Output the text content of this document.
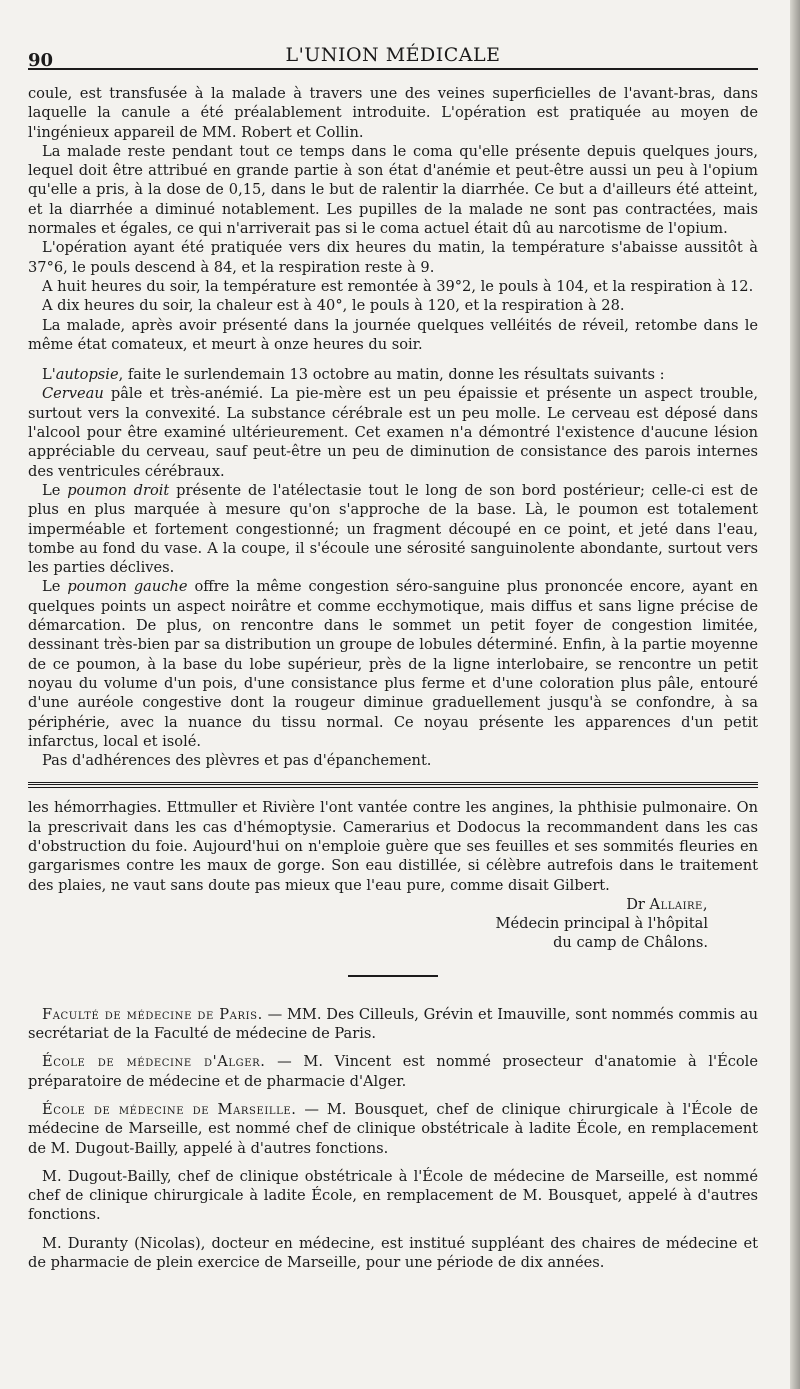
90	L'UNION MÉDICALE

coule, est transfusée à la malade à travers une des veines superficielles de l'avant-bras, dans laquelle la canule a été préalablement introduite. L'opération est pratiquée au moyen de l'ingénieux appareil de MM. Robert et Collin.

La malade reste pendant tout ce temps dans le coma qu'elle présente depuis quelques jours, lequel doit être attribué en grande partie à son état d'anémie et peut-être aussi un peu à l'opium qu'elle a pris, à la dose de 0,15, dans le but de ralentir la diarrhée. Ce but a d'ailleurs été atteint, et la diarrhée a diminué notablement. Les pupilles de la malade ne sont pas contractées, mais normales et égales, ce qui n'arriverait pas si le coma actuel était dû au narcotisme de l'opium.

L'opération ayant été pratiquée vers dix heures du matin, la température s'abaisse aussitôt à 37°6, le pouls descend à 84, et la respiration reste à 9.

A huit heures du soir, la température est remontée à 39°2, le pouls à 104, et la respiration à 12.

A dix heures du soir, la chaleur est à 40°, le pouls à 120, et la respiration à 28.

La malade, après avoir présenté dans la journée quelques velléités de réveil, retombe dans le même état comateux, et meurt à onze heures du soir.

L'autopsie, faite le surlendemain 13 octobre au matin, donne les résultats suivants :

Cerveau pâle et très-anémié. La pie-mère est un peu épaissie et présente un aspect trouble, surtout vers la convexité. La substance cérébrale est un peu molle. Le cerveau est déposé dans l'alcool pour être examiné ultérieurement. Cet examen n'a démontré l'existence d'aucune lésion appréciable du cerveau, sauf peut-être un peu de diminution de consistance des parois internes des ventricules cérébraux.

Le poumon droit présente de l'atélectasie tout le long de son bord postérieur; celle-ci est de plus en plus marquée à mesure qu'on s'approche de la base. Là, le poumon est totalement imperméable et fortement congestionné; un fragment découpé en ce point, et jeté dans l'eau, tombe au fond du vase. A la coupe, il s'écoule une sérosité sanguinolente abondante, surtout vers les parties déclives.

Le poumon gauche offre la même congestion séro-sanguine plus prononcée encore, ayant en quelques points un aspect noirâtre et comme ecchymotique, mais diffus et sans ligne précise de démarcation. De plus, on rencontre dans le sommet un petit foyer de congestion limitée, dessinant très-bien par sa distribution un groupe de lobules déterminé. Enfin, à la partie moyenne de ce poumon, à la base du lobe supérieur, près de la ligne interlobaire, se rencontre un petit noyau du volume d'un pois, d'une consistance plus ferme et d'une coloration plus pâle, entouré d'une auréole congestive dont la rougeur diminue graduellement jusqu'à se confondre, à sa périphérie, avec la nuance du tissu normal. Ce noyau présente les apparences d'un petit infarctus, local et isolé.

Pas d'adhérences des plèvres et pas d'épanchement.

les hémorrhagies. Ettmuller et Rivière l'ont vantée contre les angines, la phthisie pulmonaire. On la prescrivait dans les cas d'hémoptysie. Camerarius et Dodocus la recommandent dans les cas d'obstruction du foie. Aujourd'hui on n'emploie guère que ses feuilles et ses sommités fleuries en gargarismes contre les maux de gorge. Son eau distillée, si célèbre autrefois dans le traitement des plaies, ne vaut sans doute pas mieux que l'eau pure, comme disait Gilbert.

Dr Allaire,
Médecin principal à l'hôpital
du camp de Châlons.

Faculté de médecine de Paris. — MM. Des Cilleuls, Grévin et Imauville, sont nommés commis au secrétariat de la Faculté de médecine de Paris.

École de médecine d'Alger. — M. Vincent est nommé prosecteur d'anatomie à l'École préparatoire de médecine et de pharmacie d'Alger.

École de médecine de Marseille. — M. Bousquet, chef de clinique chirurgicale à l'École de médecine de Marseille, est nommé chef de clinique obstétricale à ladite École, en remplacement de M. Dugout-Bailly, appelé à d'autres fonctions.

M. Dugout-Bailly, chef de clinique obstétricale à l'École de médecine de Marseille, est nommé chef de clinique chirurgicale à ladite École, en remplacement de M. Bousquet, appelé à d'autres fonctions.

M. Duranty (Nicolas), docteur en médecine, est institué suppléant des chaires de médecine et de pharmacie de plein exercice de Marseille, pour une période de dix années.
